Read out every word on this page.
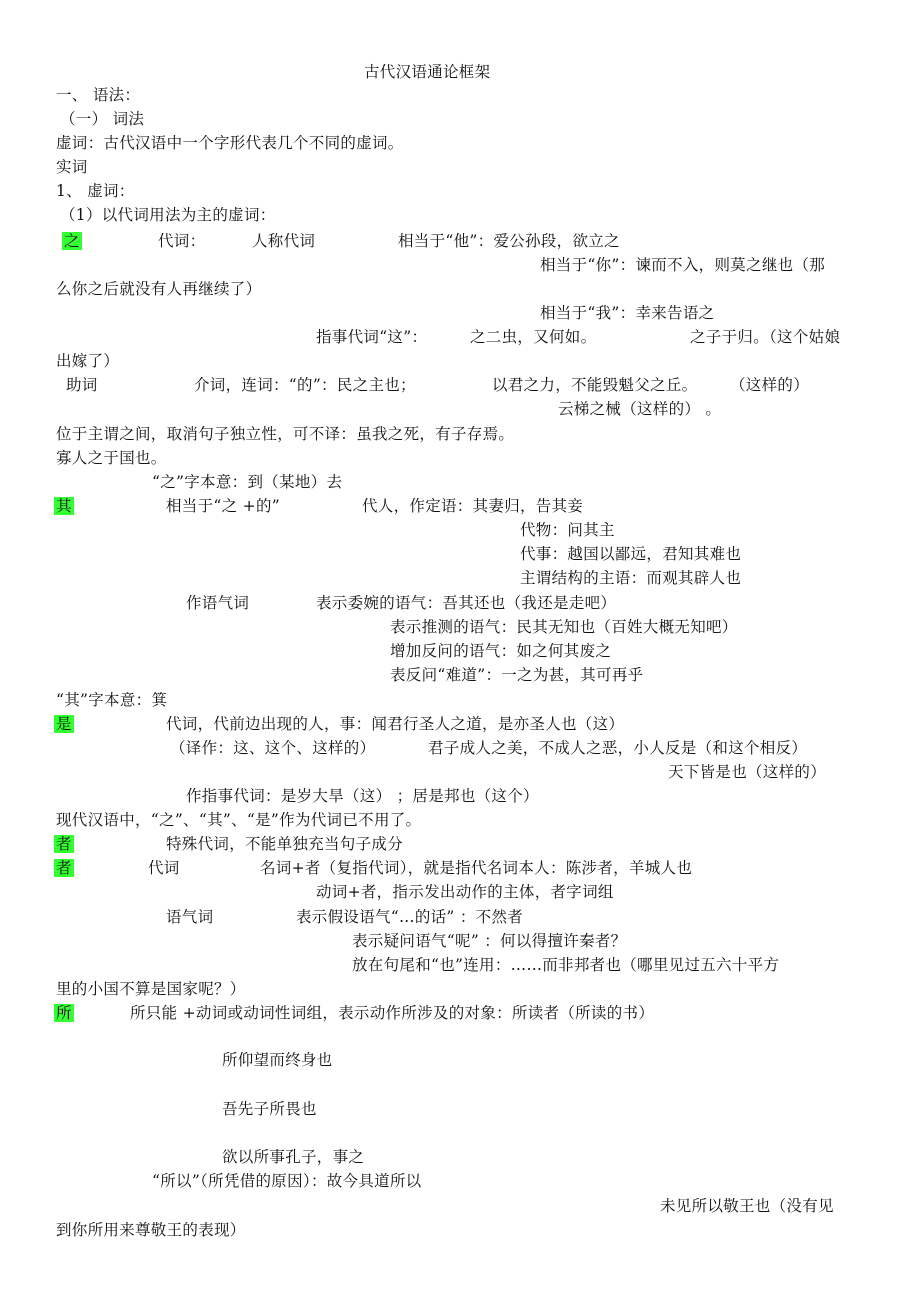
古代汉语通论框架
一、 语法：
（一） 词法
虚词：古代汉语中一个字形代表几个不同的虚词。
实词
1、 虚词：
（1）以代词用法为主的虚词：
之	代词：	人称代词	相当于“他”：爱公孙段，欲立之
相当于“你”：谏而不入，则莫之继也（那
么你之后就没有人再继续了）
相当于“我”：幸来告语之
指事代词“这”：	之二虫，又何如。	之子于归。（这个姑娘
出嫁了）
助词	介词，连词：“的”：民之主也；	以君之力，不能毁魁父之丘。 （这样的）
云梯之械（这样的） 。
位于主谓之间，取消句子独立性，可不译：虽我之死，有子存焉。
寡人之于国也。
“之”字本意：到（某地）去
其	相当于“之 +的”	代人，作定语：其妻归，告其妾
代物：问其主
代事：越国以鄙远，君知其难也
主谓结构的主语：而观其辟人也
作语气词	表示委婉的语气：吾其还也（我还是走吧）
表示推测的语气：民其无知也（百姓大概无知吧）
增加反问的语气：如之何其废之
表反问“难道”：一之为甚，其可再乎
“其”字本意：箕
是	代词，代前边出现的人，事：闻君行圣人之道，是亦圣人也（这）
（译作：这、这个、这样的）	君子成人之美，不成人之恶，小人反是（和这个相反）
天下皆是也（这样的）
作指事代词：是岁大旱（这） ；居是邦也（这个）
现代汉语中，“之”、“其”、“是”作为代词已不用了。
者	特殊代词，不能单独充当句子成分
者	代词	名词+者（复指代词），就是指代名词本人：陈涉者，羊城人也
动词+者，指示发出动作的主体，者字词组
语气词	表示假设语气“…的话” ：不然者
表示疑问语气“呢” ：何以得擅许秦者？
放在句尾和“也”连用：……而非邦者也（哪里见过五六十平方
里的小国不算是国家呢？）
所	所只能 +动词或动词性词组，表示动作所涉及的对象：所读者（所读的书）
所仰望而终身也
吾先子所畏也
欲以所事孔子，事之
“所以”（所凭借的原因）：故今具道所以
未见所以敬王也（没有见
到你所用来尊敬王的表现）
